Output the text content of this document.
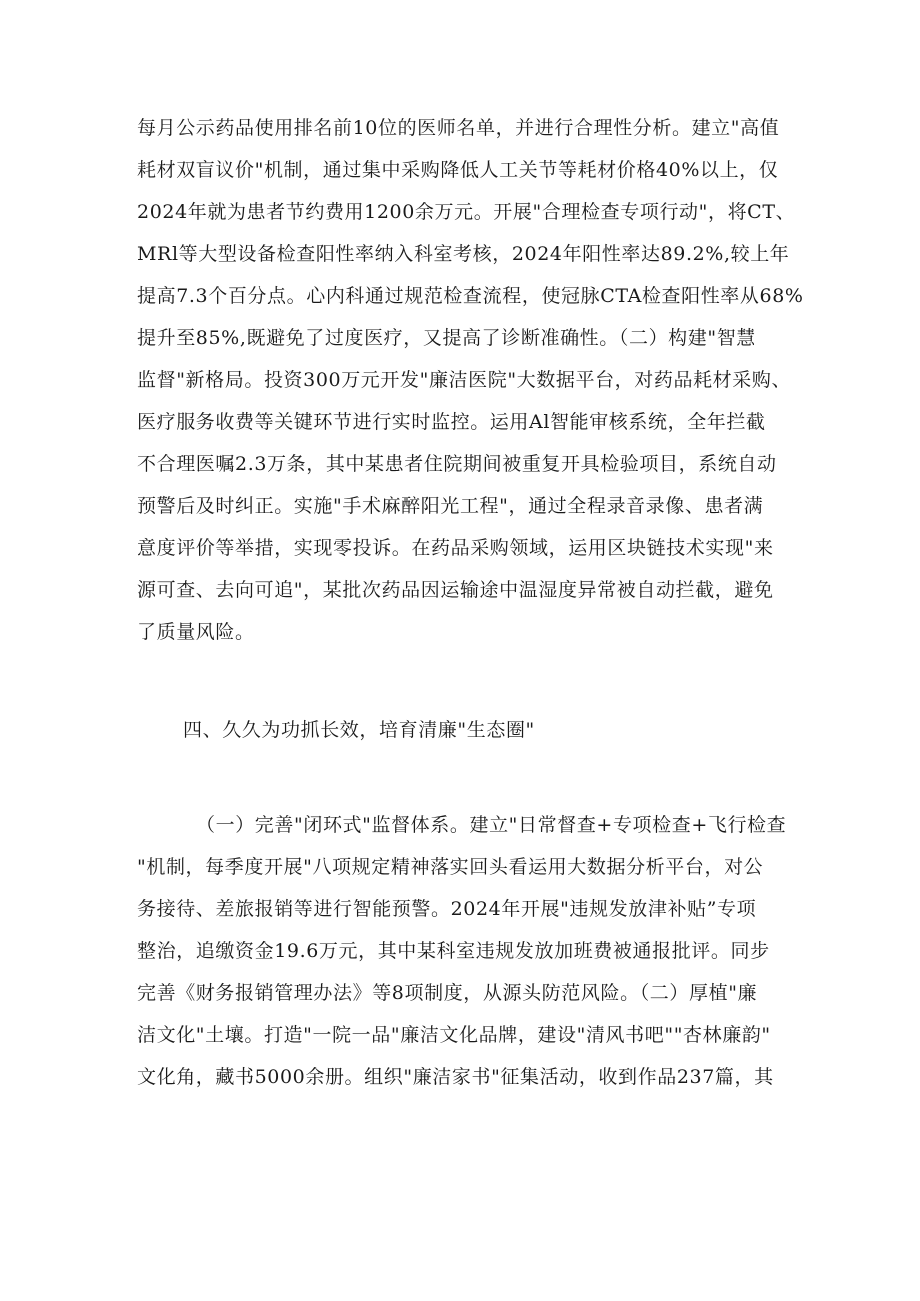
每月公示药品使用排名前10位的医师名单，并进行合理性分析。建立"高值
耗材双盲议价"机制，通过集中采购降低人工关节等耗材价格40%以上，仅
2024年就为患者节约费用1200余万元。开展"合理检查专项行动"，将CT、
MRl等大型设备检查阳性率纳入科室考核，2024年阳性率达89.2%,较上年
提高7.3个百分点。心内科通过规范检查流程，使冠脉CTA检查阳性率从68%
提升至85%,既避免了过度医疗，又提高了诊断准确性。（二）构建"智慧
监督"新格局。投资300万元开发"廉洁医院"大数据平台，对药品耗材采购、
医疗服务收费等关键环节进行实时监控。运用Al智能审核系统，全年拦截
不合理医嘱2.3万条，其中某患者住院期间被重复开具检验项目，系统自动
预警后及时纠正。实施"手术麻醉阳光工程"，通过全程录音录像、患者满
意度评价等举措，实现零投诉。在药品采购领域，运用区块链技术实现"来
源可查、去向可追"，某批次药品因运输途中温湿度异常被自动拦截，避免
了质量风险。
四、久久为功抓长效，培育清廉"生态圈"
（一）完善"闭环式"监督体系。建立"日常督查+专项检查+飞行检查
"机制，每季度开展"八项规定精神落实回头看运用大数据分析平台，对公
务接待、差旅报销等进行智能预警。2024年开展"违规发放津补贴”专项
整治，追缴资金19.6万元，其中某科室违规发放加班费被通报批评。同步
完善《财务报销管理办法》等8项制度，从源头防范风险。（二）厚植"廉
洁文化"土壤。打造"一院一品"廉洁文化品牌，建设"清风书吧""杏林廉韵"
文化角，藏书5000余册。组织"廉洁家书"征集活动，收到作品237篇，其
